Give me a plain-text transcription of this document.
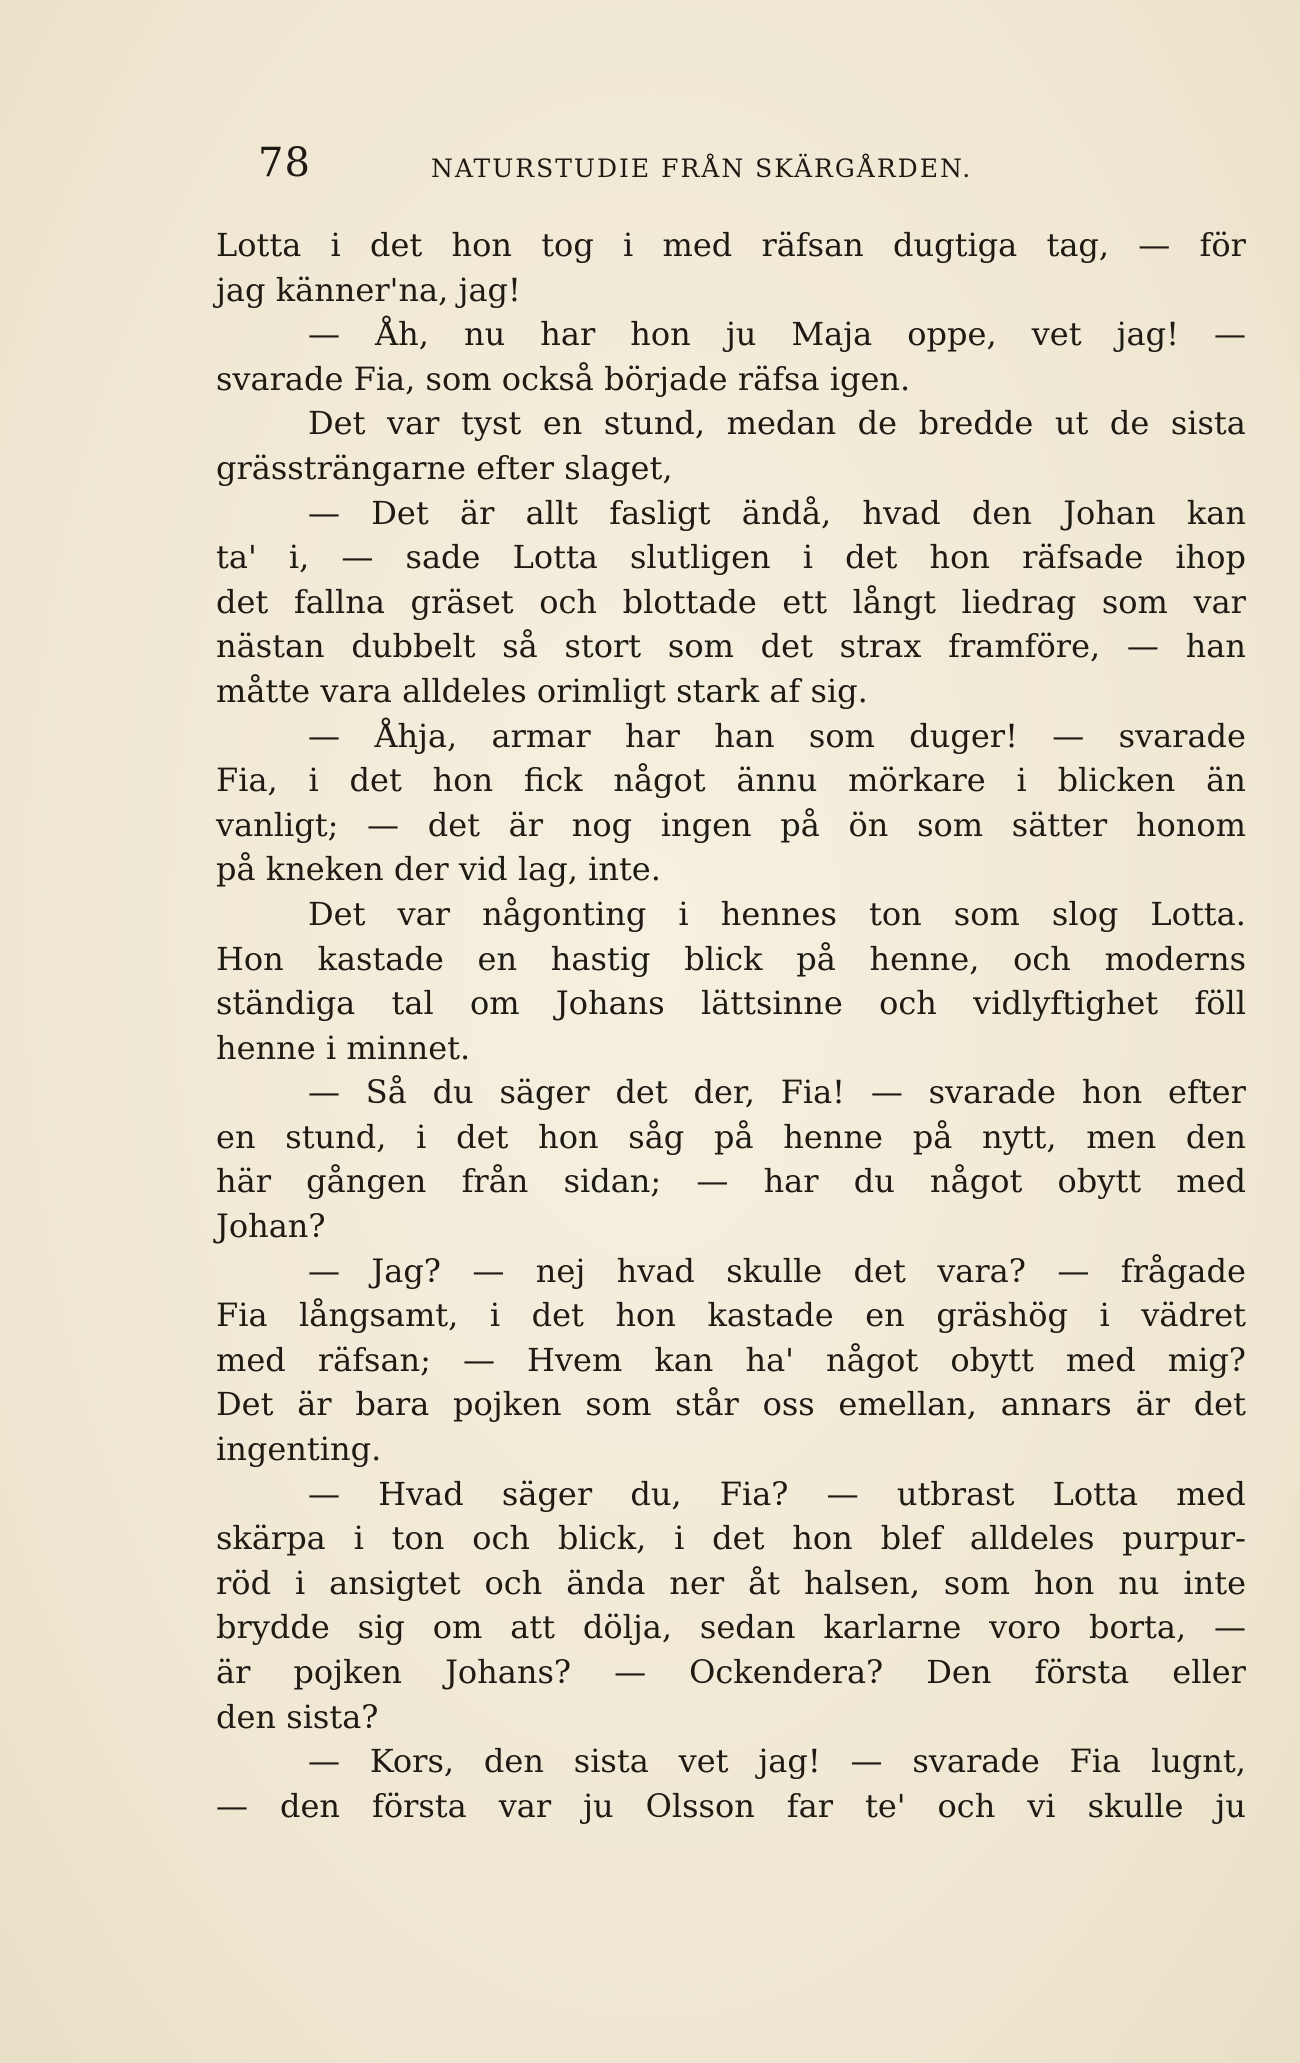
78	NATURSTUDIE FRÅN SKÄRGÅRDEN.
Lotta i det hon tog i med räfsan dugtiga tag, — för
jag känner'na, jag!
— Åh, nu har hon ju Maja oppe, vet jag! —
svarade Fia, som också började räfsa igen.
Det var tyst en stund, medan de bredde ut de sista
grässträngarne efter slaget,
— Det är allt fasligt ändå, hvad den Johan kan
ta' i, — sade Lotta slutligen i det hon räfsade ihop
det fallna gräset och blottade ett långt liedrag som var
nästan dubbelt så stort som det strax framföre, — han
måtte vara alldeles orimligt stark af sig.
— Åhja, armar har han som duger! — svarade
Fia, i det hon fick något ännu mörkare i blicken än
vanligt; — det är nog ingen på ön som sätter honom
på kneken der vid lag, inte.
Det var någonting i hennes ton som slog Lotta.
Hon kastade en hastig blick på henne, och moderns
ständiga tal om Johans lättsinne och vidlyftighet föll
henne i minnet.
— Så du säger det der, Fia! — svarade hon efter
en stund, i det hon såg på henne på nytt, men den
här gången från sidan; — har du något obytt med
Johan?
— Jag? — nej hvad skulle det vara? — frågade
Fia långsamt, i det hon kastade en gräshög i vädret
med räfsan; — Hvem kan ha' något obytt med mig?
Det är bara pojken som står oss emellan, annars är det
ingenting.
— Hvad säger du, Fia? — utbrast Lotta med
skärpa i ton och blick, i det hon blef alldeles purpur-
röd i ansigtet och ända ner åt halsen, som hon nu inte
brydde sig om att dölja, sedan karlarne voro borta, —
är pojken Johans? — Ockendera? Den första eller
den sista?
— Kors, den sista vet jag! — svarade Fia lugnt,
— den första var ju Olsson far te' och vi skulle ju
